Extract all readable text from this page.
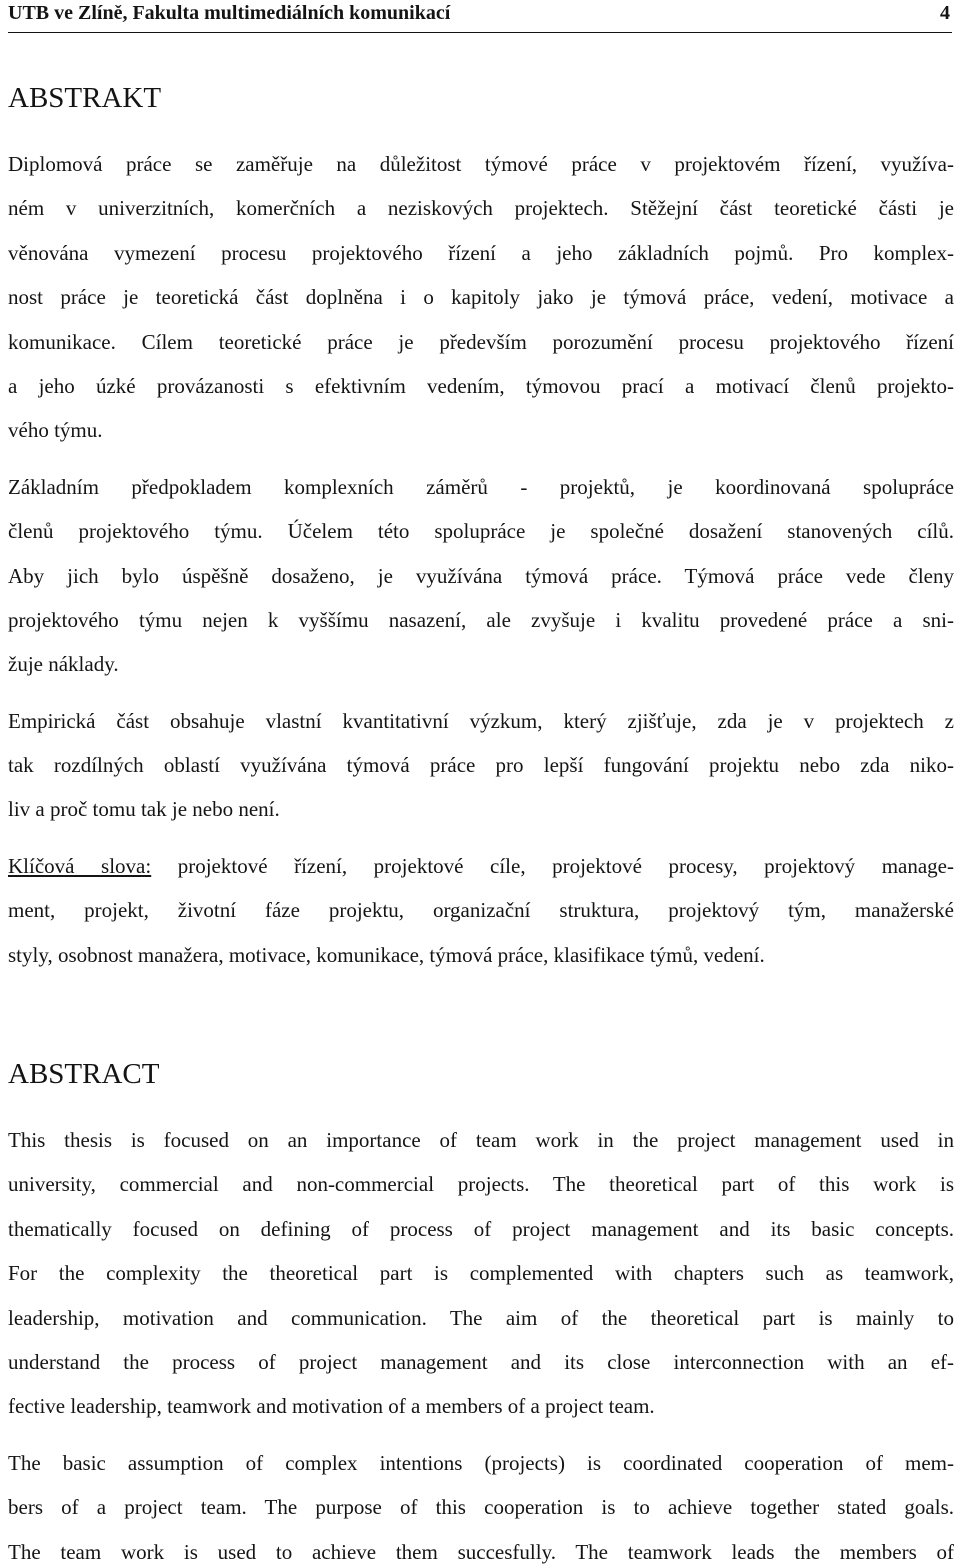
UTB ve Zlíně, Fakulta multimediálních komunikací	4
ABSTRAKT
Diplomová práce se zaměřuje na důležitost týmové práce v projektovém řízení, využíva-
ném v univerzitních, komerčních a neziskových projektech. Stěžejní část teoretické části je
věnována vymezení procesu projektového řízení a jeho základních pojmů. Pro komplex-
nost práce je teoretická část doplněna i o kapitoly jako je týmová práce, vedení, motivace a
komunikace. Cílem teoretické práce je především porozumění procesu projektového řízení
a jeho úzké provázanosti s efektivním vedením, týmovou prací a motivací členů projekto-
vého týmu.
Základním předpokladem komplexních záměrů - projektů, je koordinovaná spolupráce
členů projektového týmu. Účelem této spolupráce je společné dosažení stanovených cílů.
Aby jich bylo úspěšně dosaženo, je využívána týmová práce. Týmová práce vede členy
projektového týmu nejen k vyššímu nasazení, ale zvyšuje i kvalitu provedené práce a sni-
žuje náklady.
Empirická část obsahuje vlastní kvantitativní výzkum, který zjišťuje, zda je v projektech z
tak rozdílných oblastí využívána týmová práce pro lepší fungování projektu nebo zda niko-
liv a proč tomu tak je nebo není.
Klíčová slova: projektové řízení, projektové cíle, projektové procesy, projektový manage-
ment, projekt, životní fáze projektu, organizační struktura, projektový tým, manažerské
styly, osobnost manažera, motivace, komunikace, týmová práce, klasifikace týmů, vedení.
ABSTRACT
This thesis is focused on an importance of team work in the project management used in
university, commercial and non-commercial projects. The theoretical part of this work is
thematically focused on defining of process of project management and its basic concepts.
For the complexity the theoretical part is complemented with chapters such as teamwork,
leadership, motivation and communication. The aim of the theoretical part is mainly to
understand the process of project management and its close interconnection with an ef-
fective leadership, teamwork and motivation of a members of a project team.
The basic assumption of complex intentions (projects) is coordinated cooperation of mem-
bers of a project team. The purpose of this cooperation is to achieve together stated goals.
The team work is used to achieve them succesfully. The teamwork leads the members of
